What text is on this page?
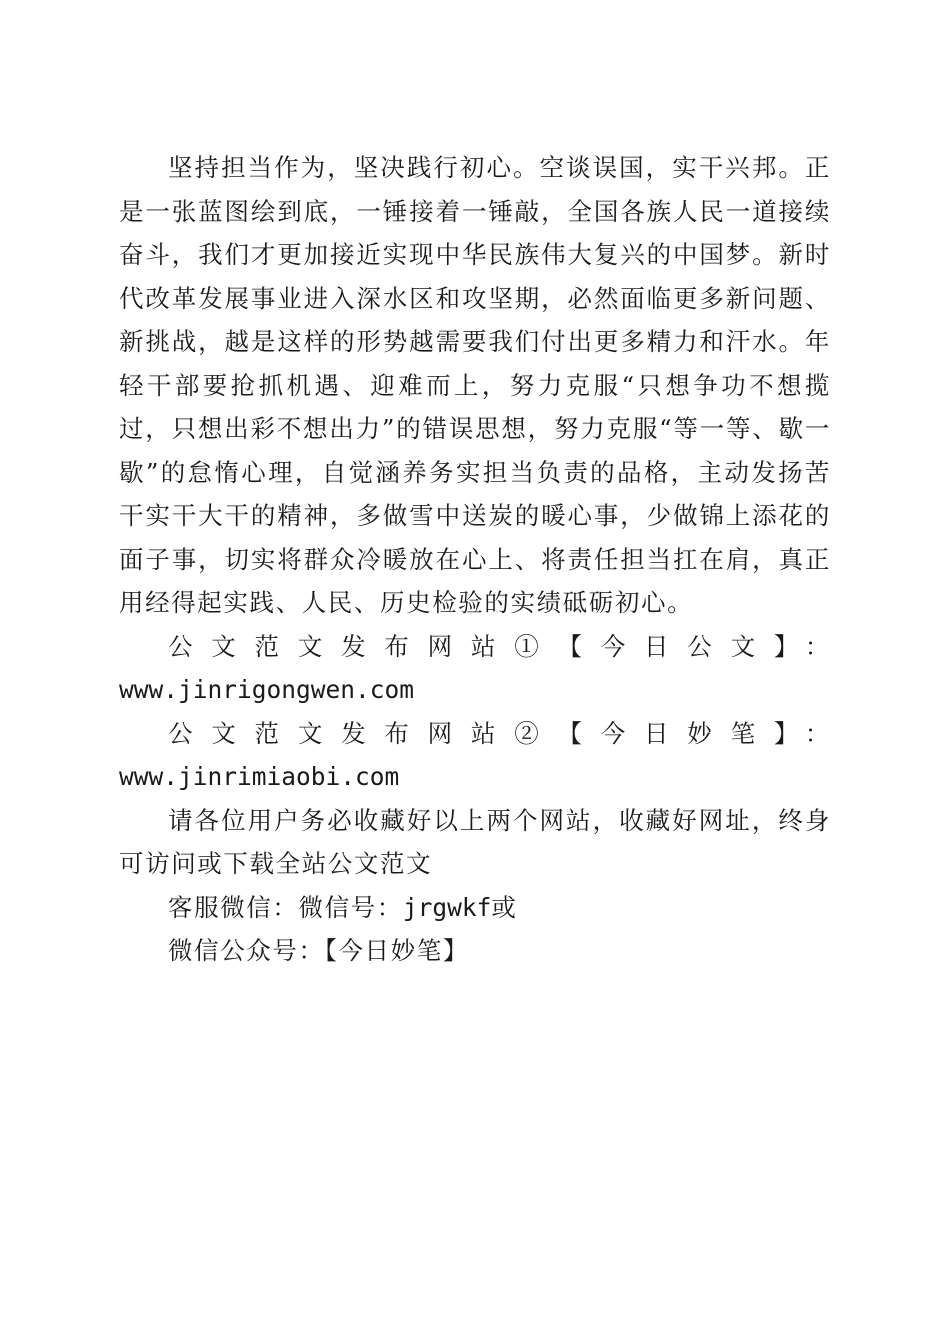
坚持担当作为，坚决践行初心。空谈误国，实干兴邦。正是一张蓝图绘到底，一锤接着一锤敲，全国各族人民一道接续奋斗，我们才更加接近实现中华民族伟大复兴的中国梦。新时代改革发展事业进入深水区和攻坚期，必然面临更多新问题、新挑战，越是这样的形势越需要我们付出更多精力和汗水。年轻干部要抢抓机遇、迎难而上，努力克服“只想争功不想揽过，只想出彩不想出力”的错误思想，努力克服“等一等、歇一歇”的怠惰心理，自觉涵养务实担当负责的品格，主动发扬苦干实干大干的精神，多做雪中送炭的暖心事，少做锦上添花的面子事，切实将群众冷暖放在心上、将责任担当扛在肩，真正用经得起实践、人民、历史检验的实绩砥砺初心。

公文范文发布网站①【今日公文】：

www.jinrigongwen.com

公文范文发布网站②【今日妙笔】：www.jinrimiaobi.com

请各位用户务必收藏好以上两个网站，收藏好网址，终身可访问或下载全站公文范文

客服微信：微信号：jrgwkf或

微信公众号：【今日妙笔】
